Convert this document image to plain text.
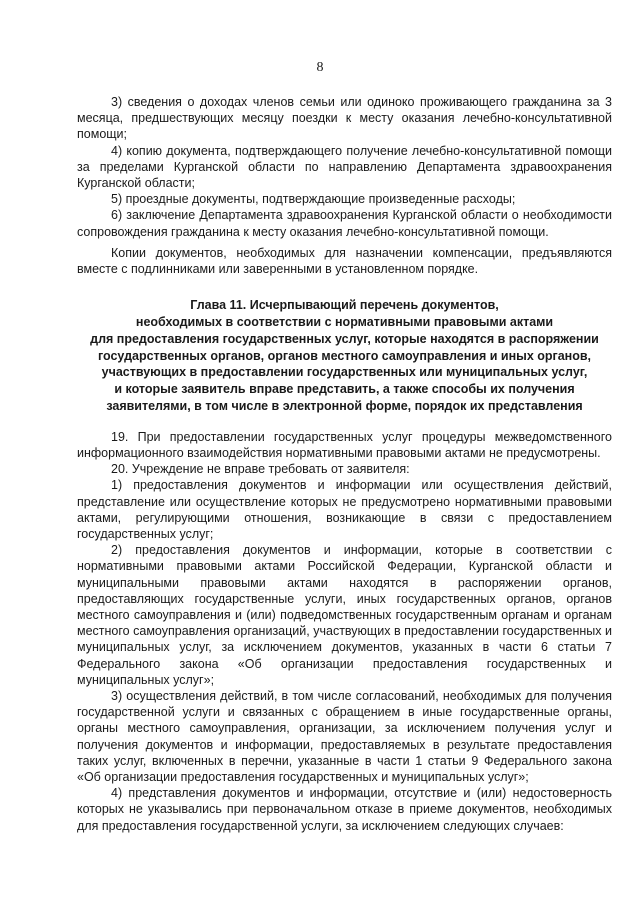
8

3) сведения о доходах членов семьи или одиноко проживающего гражданина за 3 месяца, предшествующих месяцу поездки к месту оказания лечебно-консультативной помощи;

4) копию документа, подтверждающего получение лечебно-консультативной помощи за пределами Курганской области по направлению Департамента здравоохранения Курганской области;

5) проездные документы, подтверждающие произведенные расходы;

6) заключение Департамента здравоохранения Курганской области о необходимости сопровождения гражданина к месту оказания лечебно-консультативной помощи.

Копии документов, необходимых для назначении компенсации, предъявляются вместе с подлинниками или заверенными в установленном порядке.

Глава 11. Исчерпывающий перечень документов,

необходимых в соответствии с нормативными правовыми актами

для предоставления государственных услуг, которые находятся в распоряжении

государственных органов, органов местного самоуправления и иных органов,

участвующих в предоставлении государственных или муниципальных услуг,

и которые заявитель вправе представить, а также способы их получения

заявителями, в том числе в электронной форме, порядок их представления

19. При предоставлении государственных услуг процедуры межведомственного информационного взаимодействия нормативными правовыми актами не предусмотрены.

20. Учреждение не вправе требовать от заявителя:

1) предоставления документов и информации или осуществления действий, представление или осуществление которых не предусмотрено нормативными правовыми актами, регулирующими отношения, возникающие в связи с предоставлением государственных услуг;

2) предоставления документов и информации, которые в соответствии с нормативными правовыми актами Российской Федерации, Курганской области и муниципальными правовыми актами находятся в распоряжении органов, предоставляющих государственные услуги, иных государственных органов, органов местного самоуправления и (или) подведомственных государственным органам и органам местного самоуправления организаций, участвующих в предоставлении государственных и муниципальных услуг, за исключением документов, указанных в части 6 статьи 7 Федерального закона «Об организации предоставления государственных и муниципальных услуг»;

3) осуществления действий, в том числе согласований, необходимых для получения государственной услуги и связанных с обращением в иные государственные органы, органы местного самоуправления, организации, за исключением получения услуг и получения документов и информации, предоставляемых в результате предоставления таких услуг, включенных в перечни, указанные в части 1 статьи 9 Федерального закона «Об организации предоставления государственных и муниципальных услуг»;

4) представления документов и информации, отсутствие и (или) недостоверность которых не указывались при первоначальном отказе в приеме документов, необходимых для предоставления государственной услуги, за исключением следующих случаев:
